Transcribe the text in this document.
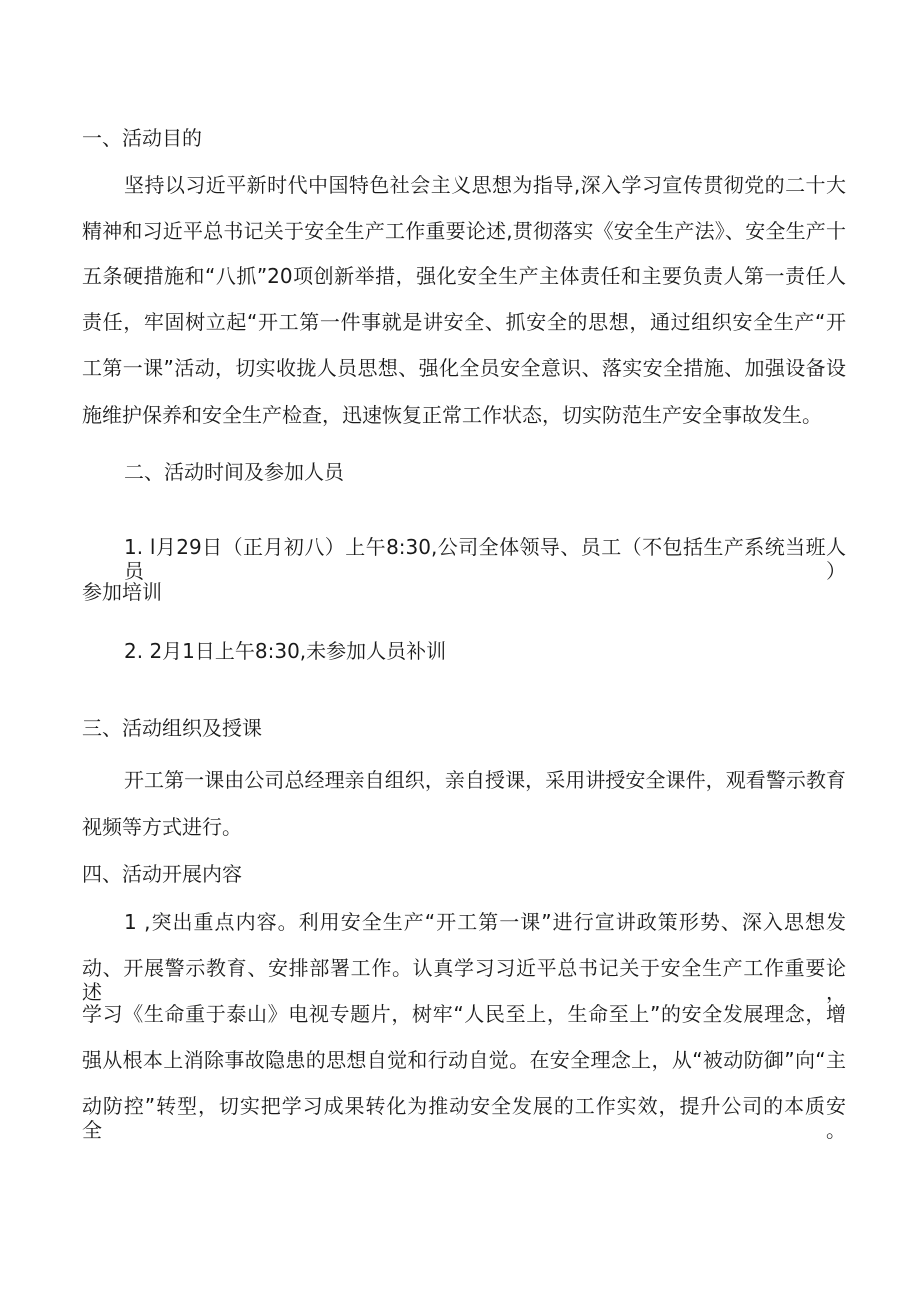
一、活动目的
坚持以习近平新时代中国特色社会主义思想为指导,深入学习宣传贯彻党的二十大
精神和习近平总书记关于安全生产工作重要论述,贯彻落实《安全生产法》、安全生产十
五条硬措施和“八抓”20项创新举措，强化安全生产主体责任和主要负责人第一责任人
责任，牢固树立起“开工第一件事就是讲安全、抓安全的思想，通过组织安全生产“开
工第一课”活动，切实收拢人员思想、强化全员安全意识、落实安全措施、加强设备设
施维护保养和安全生产检查，迅速恢复正常工作状态，切实防范生产安全事故发生。
二、活动时间及参加人员
1. l月29日（正月初八）上午8:30,公司全体领导、员工（不包括生产系统当班人员）
参加培训
2. 2月1日上午8:30,未参加人员补训
三、活动组织及授课
开工第一课由公司总经理亲自组织，亲自授课，采用讲授安全课件，观看警示教育
视频等方式进行。
四、活动开展内容
1 ,突出重点内容。利用安全生产“开工第一课”进行宣讲政策形势、深入思想发
动、开展警示教育、安排部署工作。认真学习习近平总书记关于安全生产工作重要论述，
学习《生命重于泰山》电视专题片，树牢“人民至上，生命至上”的安全发展理念，增
强从根本上消除事故隐患的思想自觉和行动自觉。在安全理念上，从“被动防御”向“主
动防控”转型，切实把学习成果转化为推动安全发展的工作实效，提升公司的本质安全。
